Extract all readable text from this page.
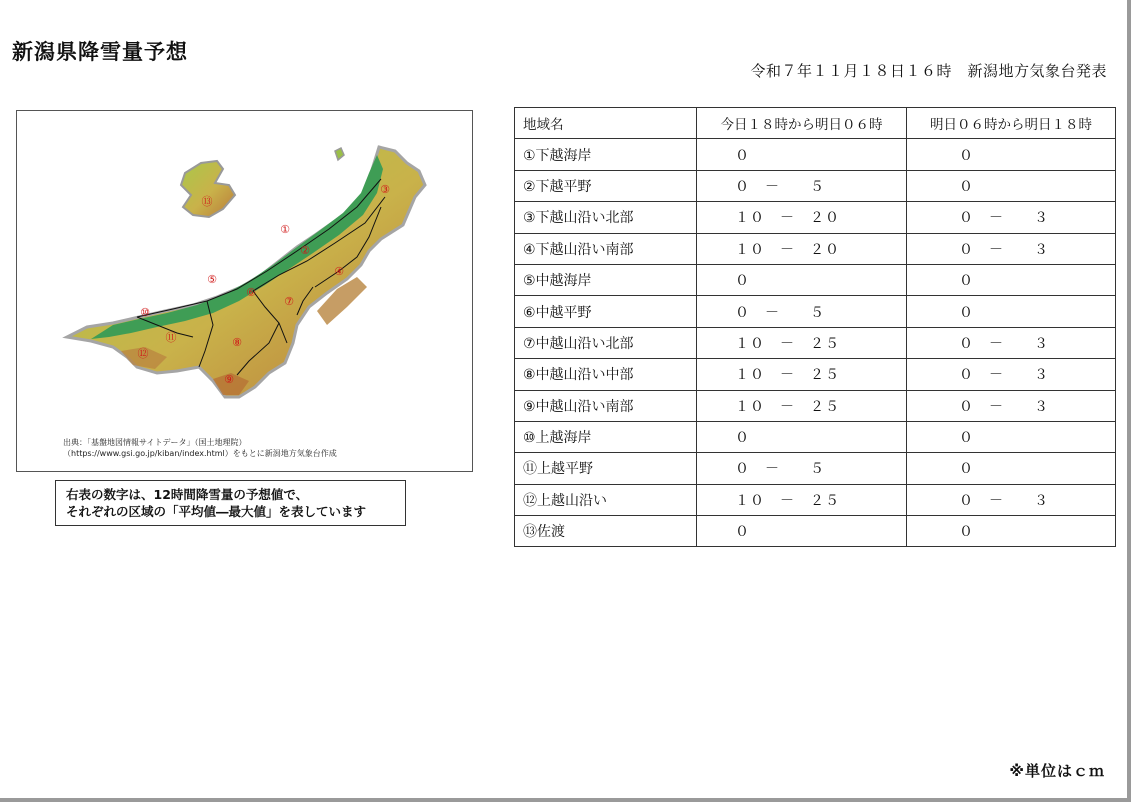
新潟県降雪量予想
令和７年１１月１８日１６時　新潟地方気象台発表
①
②
③
④
⑤
⑥
⑦
⑧
⑨
⑩
⑪
⑫
⑬
出典：「基盤地図情報サイトデータ」（国土地理院）
（https://www.gsi.go.jp/kiban/index.html）をもとに新潟地方気象台作成
右表の数字は、12時間降雪量の予想値で、
それぞれの区域の「平均値―最大値」を表しています
地域名	今日１８時から明日０６時	明日０６時から明日１８時
①下越海岸	０	０
②下越平野	０　－　　５	０
③下越山沿い北部	１０　－　２０	０　－　　３
④下越山沿い南部	１０　－　２０	０　－　　３
⑤中越海岸	０	０
⑥中越平野	０　－　　５	０
⑦中越山沿い北部	１０　－　２５	０　－　　３
⑧中越山沿い中部	１０　－　２５	０　－　　３
⑨中越山沿い南部	１０　－　２５	０　－　　３
⑩上越海岸	０	０
⑪上越平野	０　－　　５	０
⑫上越山沿い	１０　－　２５	０　－　　３
⑬佐渡	０	０
※単位はｃｍ
